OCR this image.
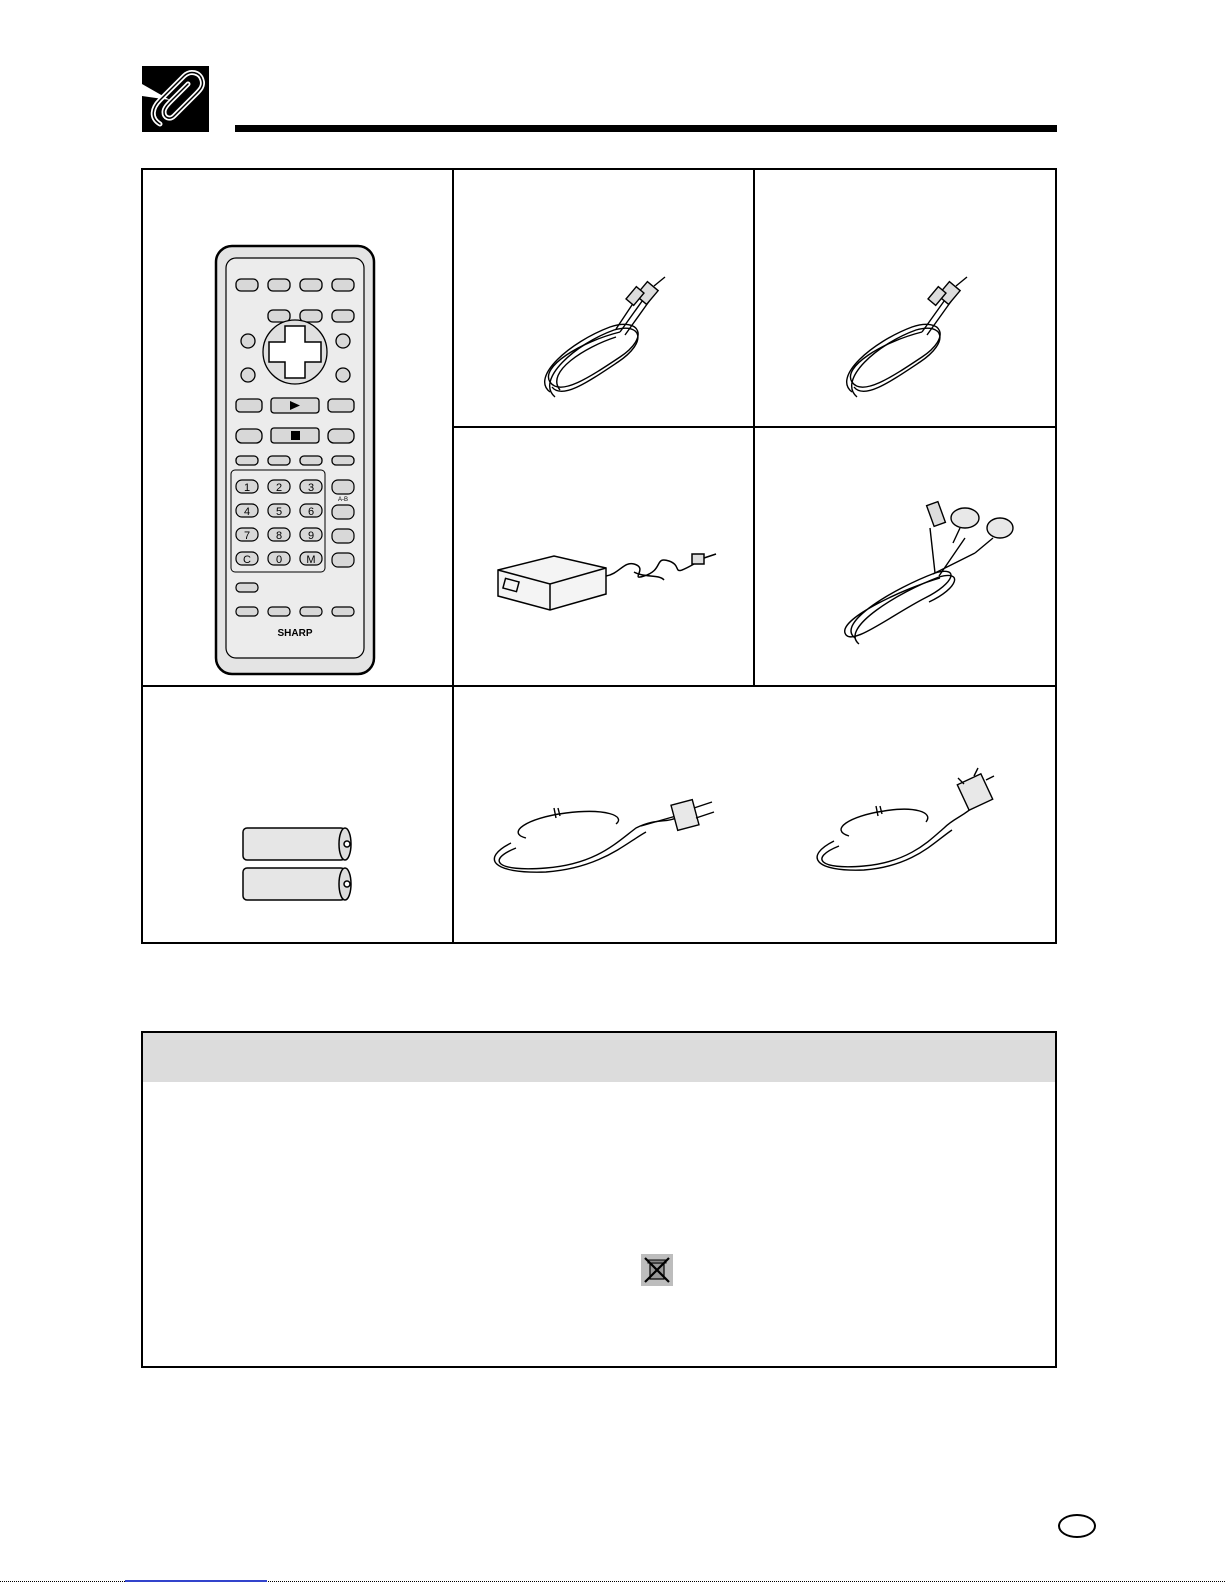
1 2 3
4 5 6
7 8 9
C 0 M
A-B
SHARP
